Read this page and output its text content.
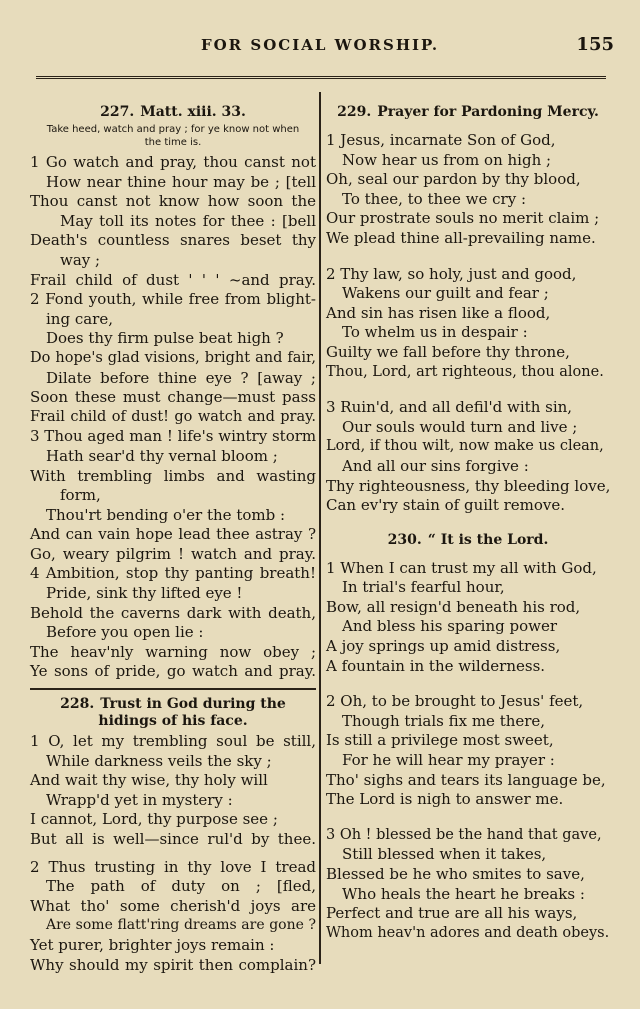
FOR SOCIAL WORSHIP.	155
227. Matt. xiii. 33.
Take heed, watch and pray ; for ye know not when
the time is.
1 Go watch and pray, thou canst not
How near thine hour may be ; [tell
Thou canst not know how soon the
May toll its notes for thee : [bell
Death's countless snares beset thy
way ;
Frail child of dust ' ' ' ~and pray.
2 Fond youth, while free from blight-
ing care,
Does thy firm pulse beat high ?
Do hope's glad visions, bright and fair,
Dilate before thine eye ? [away ;
Soon these must change—must pass
Frail child of dust! go watch and pray.
3 Thou aged man ! life's wintry storm
Hath sear'd thy vernal bloom ;
With trembling limbs and wasting
form,
Thou'rt bending o'er the tomb :
And can vain hope lead thee astray ?
Go, weary pilgrim ! watch and pray.
4 Ambition, stop thy panting breath!
Pride, sink thy lifted eye !
Behold the caverns dark with death,
Before you open lie :
The heav'nly warning now obey ;
Ye sons of pride, go watch and pray.
228. Trust in God during the hidings of his face.
1 O, let my trembling soul be still,
While darkness veils the sky ;
And wait thy wise, thy holy will
Wrapp'd yet in mystery :
I cannot, Lord, thy purpose see ;
But all is well—since rul'd by thee.
2 Thus trusting in thy love I tread
The path of duty on ; [fled,
What tho' some cherish'd joys are
Are some flatt'ring dreams are gone ?
Yet purer, brighter joys remain :
Why should my spirit then complain?
229. Prayer for Pardoning Mercy.
1 Jesus, incarnate Son of God,
Now hear us from on high ;
Oh, seal our pardon by thy blood,
To thee, to thee we cry :
Our prostrate souls no merit claim ;
We plead thine all-prevailing name.
2 Thy law, so holy, just and good,
Wakens our guilt and fear ;
And sin has risen like a flood,
To whelm us in despair :
Guilty we fall before thy throne,
Thou, Lord, art righteous, thou alone.
3 Ruin'd, and all defil'd with sin,
Our souls would turn and live ;
Lord, if thou wilt, now make us clean,
And all our sins forgive :
Thy righteousness, thy bleeding love,
Can ev'ry stain of guilt remove.
230. “ It is the Lord.
1 When I can trust my all with God,
In trial's fearful hour,
Bow, all resign'd beneath his rod,
And bless his sparing power
A joy springs up amid distress,
A fountain in the wilderness.
2 Oh, to be brought to Jesus' feet,
Though trials fix me there,
Is still a privilege most sweet,
For he will hear my prayer :
Tho' sighs and tears its language be,
The Lord is nigh to answer me.
3 Oh ! blessed be the hand that gave,
Still blessed when it takes,
Blessed be he who smites to save,
Who heals the heart he breaks :
Perfect and true are all his ways,
Whom heav'n adores and death obeys.
